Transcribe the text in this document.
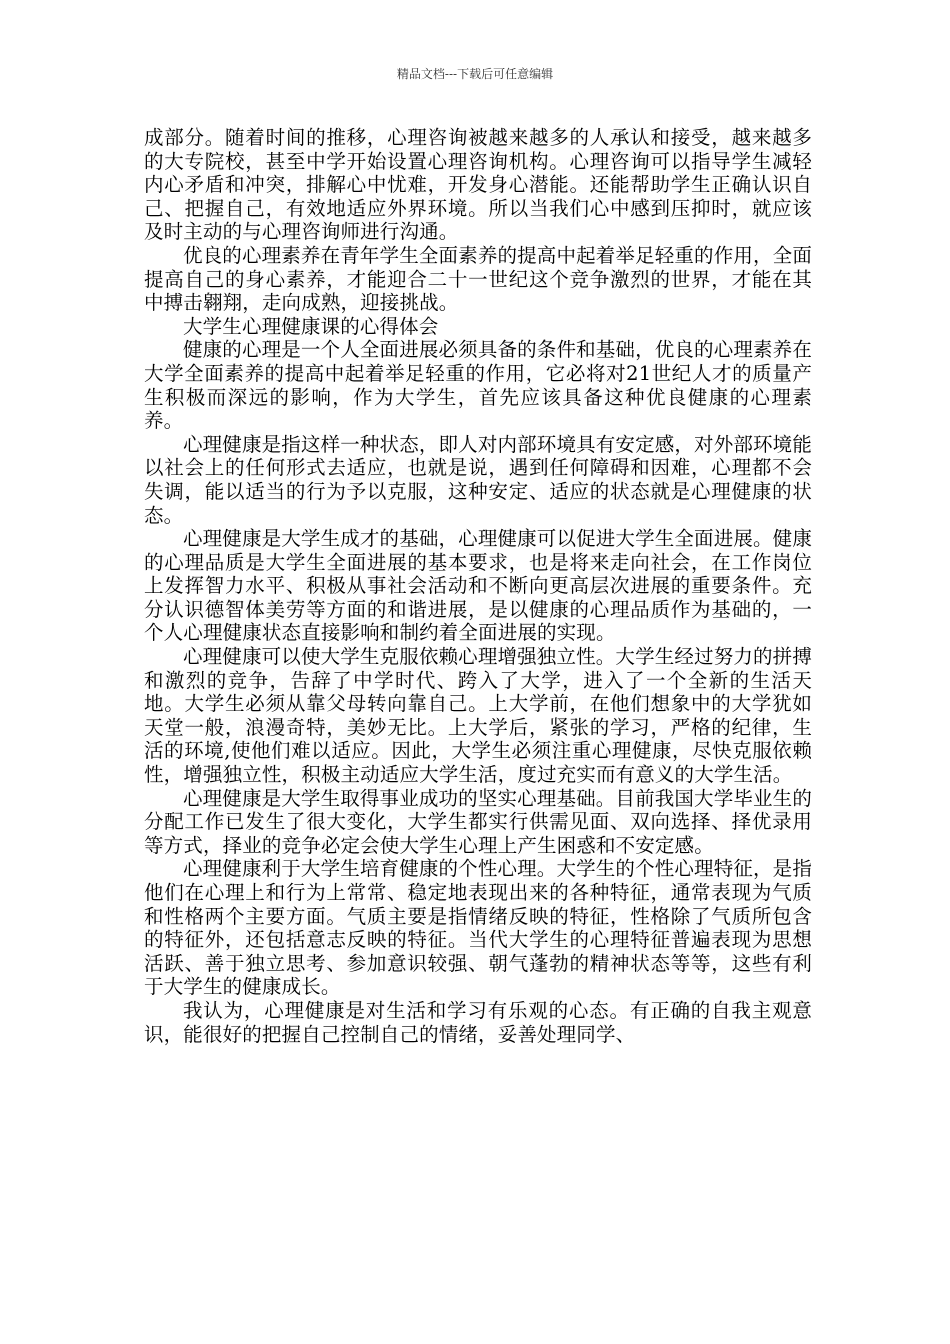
精品文档---下载后可任意编辑

成部分。随着时间的推移，心理咨询被越来越多的人承认和接受，越来越多的大专院校，甚至中学开始设置心理咨询机构。心理咨询可以指导学生减轻内心矛盾和冲突，排解心中忧难，开发身心潜能。还能帮助学生正确认识自己、把握自己，有效地适应外界环境。所以当我们心中感到压抑时，就应该及时主动的与心理咨询师进行沟通。

优良的心理素养在青年学生全面素养的提高中起着举足轻重的作用，全面提高自己的身心素养，才能迎合二十一世纪这个竞争激烈的世界，才能在其中搏击翱翔，走向成熟，迎接挑战。

大学生心理健康课的心得体会

健康的心理是一个人全面进展必须具备的条件和基础，优良的心理素养在大学全面素养的提高中起着举足轻重的作用，它必将对21世纪人才的质量产生积极而深远的影响，作为大学生，首先应该具备这种优良健康的心理素养。

心理健康是指这样一种状态，即人对内部环境具有安定感，对外部环境能以社会上的任何形式去适应，也就是说，遇到任何障碍和因难，心理都不会失调，能以适当的行为予以克服，这种安定、适应的状态就是心理健康的状态。

心理健康是大学生成才的基础，心理健康可以促进大学生全面进展。健康的心理品质是大学生全面进展的基本要求，也是将来走向社会，在工作岗位上发挥智力水平、积极从事社会活动和不断向更高层次进展的重要条件。充分认识德智体美劳等方面的和谐进展，是以健康的心理品质作为基础的，一个人心理健康状态直接影响和制约着全面进展的实现。

心理健康可以使大学生克服依赖心理增强独立性。大学生经过努力的拼搏和激烈的竞争，告辞了中学时代、跨入了大学，进入了一个全新的生活天地。大学生必须从靠父母转向靠自己。上大学前，在他们想象中的大学犹如天堂一般，浪漫奇特，美妙无比。上大学后，紧张的学习，严格的纪律，生活的环境,使他们难以适应。因此，大学生必须注重心理健康，尽快克服依赖性，增强独立性，积极主动适应大学生活，度过充实而有意义的大学生活。

心理健康是大学生取得事业成功的坚实心理基础。目前我国大学毕业生的分配工作已发生了很大变化，大学生都实行供需见面、双向选择、择优录用等方式，择业的竞争必定会使大学生心理上产生困惑和不安定感。

心理健康利于大学生培育健康的个性心理。大学生的个性心理特征，是指他们在心理上和行为上常常、稳定地表现出来的各种特征，通常表现为气质和性格两个主要方面。气质主要是指情绪反映的特征，性格除了气质所包含的特征外，还包括意志反映的特征。当代大学生的心理特征普遍表现为思想活跃、善于独立思考、参加意识较强、朝气蓬勃的精神状态等等，这些有利于大学生的健康成长。

我认为，心理健康是对生活和学习有乐观的心态。有正确的自我主观意识，能很好的把握自己控制自己的情绪，妥善处理同学、
